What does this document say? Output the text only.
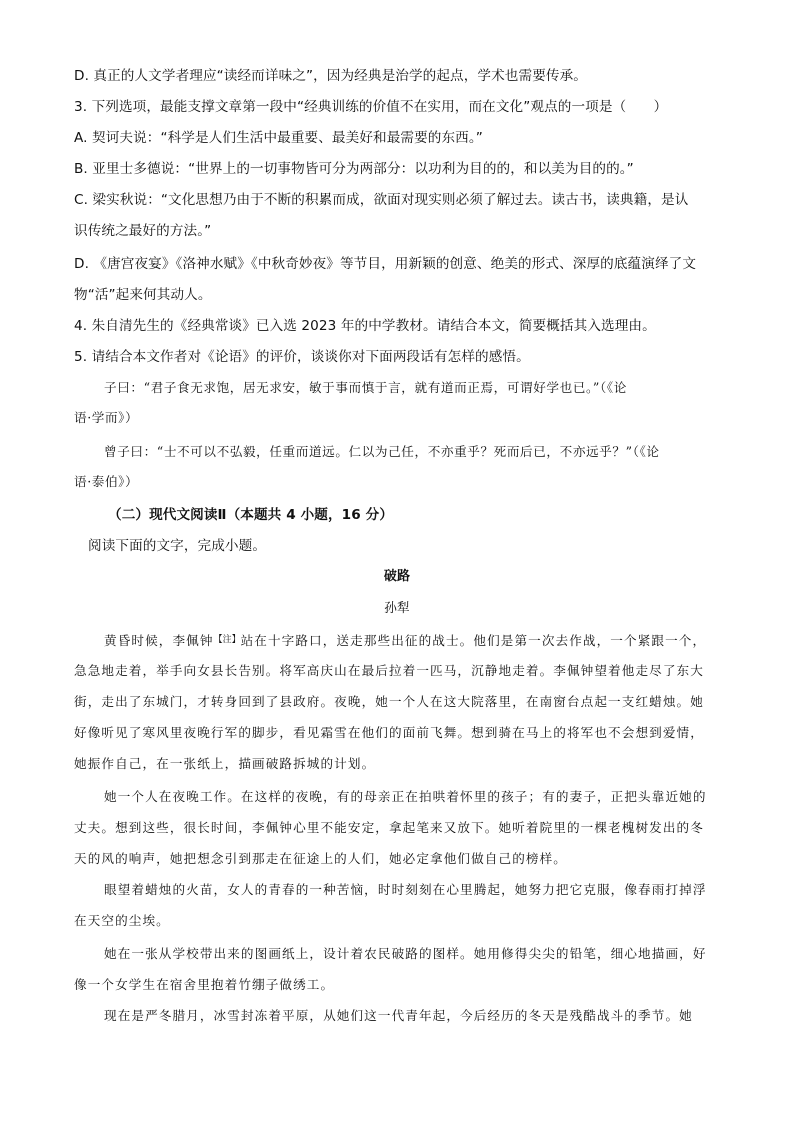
D. 真正的人文学者理应“读经而详味之”，因为经典是治学的起点，学术也需要传承。
3. 下列选项，最能支撑文章第一段中“经典训练的价值不在实用，而在文化”观点的一项是（　　）
A. 契诃夫说：“科学是人们生活中最重要、最美好和最需要的东西。”
B. 亚里士多德说：“世界上的一切事物皆可分为两部分：以功利为目的的，和以美为目的的。”
C. 梁实秋说：“文化思想乃由于不断的积累而成，欲面对现实则必须了解过去。读古书，读典籍，是认
识传统之最好的方法。”
D. 《唐宫夜宴》《洛神水赋》《中秋奇妙夜》等节目，用新颖的创意、绝美的形式、深厚的底蕴演绎了文
物“活”起来何其动人。
4. 朱自清先生的《经典常谈》已入选 2023 年的中学教材。请结合本文，简要概括其入选理由。
5. 请结合本文作者对《论语》的评价，谈谈你对下面两段话有怎样的感悟。
子曰：“君子食无求饱，居无求安，敏于事而慎于言，就有道而正焉，可谓好学也已。”（《论
语·学而》）
曾子曰：“士不可以不弘毅，任重而道远。仁以为己任，不亦重乎？死而后已，不亦远乎？”（《论
语·泰伯》）
（二）现代文阅读Ⅱ（本题共 4 小题，16 分）
阅读下面的文字，完成小题。
破路
孙犁
黄昏时候，李佩钟$^{【注】}$站在十字路口，送走那些出征的战士。他们是第一次去作战，一个紧跟一个，
急急地走着，举手向女县长告别。将军高庆山在最后拉着一匹马，沉静地走着。李佩钟望着他走尽了东大
街，走出了东城门，才转身回到了县政府。夜晚，她一个人在这大院落里，在南窗台点起一支红蜡烛。她
好像听见了寒风里夜晚行军的脚步，看见霜雪在他们的面前飞舞。想到骑在马上的将军也不会想到爱情，
她振作自己，在一张纸上，描画破路拆城的计划。
她一个人在夜晚工作。在这样的夜晚，有的母亲正在拍哄着怀里的孩子；有的妻子，正把头靠近她的
丈夫。想到这些，很长时间，李佩钟心里不能安定，拿起笔来又放下。她听着院里的一棵老槐树发出的冬
天的风的响声，她把想念引到那走在征途上的人们，她必定拿他们做自己的榜样。
眼望着蜡烛的火苗，女人的青春的一种苦恼，时时刻刻在心里腾起，她努力把它克服，像春雨打掉浮
在天空的尘埃。
她在一张从学校带出来的图画纸上，设计着农民破路的图样。她用修得尖尖的铅笔，细心地描画，好
像一个女学生在宿舍里抱着竹绷子做绣工。
现在是严冬腊月，冰雪封冻着平原，从她们这一代青年起，今后经历的冬天是残酷战斗的季节。她
